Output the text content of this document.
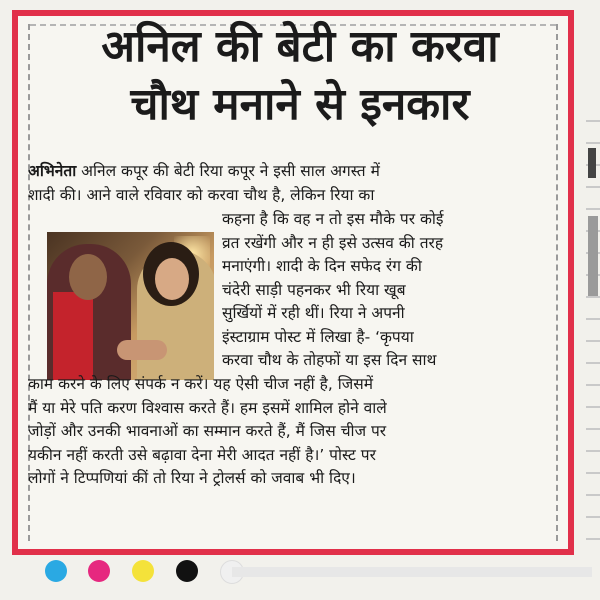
अनिल की बेटी का करवा
चौथ मनाने से इनकार
अभिनेता अनिल कपूर की बेटी रिया कपूर ने इसी साल अगस्त में
शादी की। आने वाले रविवार को करवा चौथ है, लेकिन रिया का
कहना है कि वह न तो इस मौके पर कोई
व्रत रखेंगी और न ही इसे उत्सव की तरह
मनाएंगी। शादी के दिन सफेद रंग की
चंदेरी साड़ी पहनकर भी रिया खूब
सुर्खियों में रही थीं। रिया ने अपनी
इंस्टाग्राम पोस्ट में लिखा है- ‘कृपया
करवा चौथ के तोहफों या इस दिन साथ
काम करने के लिए संपर्क न करें। यह ऐसी चीज नहीं है, जिसमें
मैं या मेरे पति करण विश्वास करते हैं। हम इसमें शामिल होने वाले
जोड़ों और उनकी भावनाओं का सम्मान करते हैं, मैं जिस चीज पर
यकीन नहीं करती उसे बढ़ावा देना मेरी आदत नहीं है।’ पोस्ट पर
लोगों ने टिप्पणियां कीं तो रिया ने ट्रोलर्स को जवाब भी दिए।
